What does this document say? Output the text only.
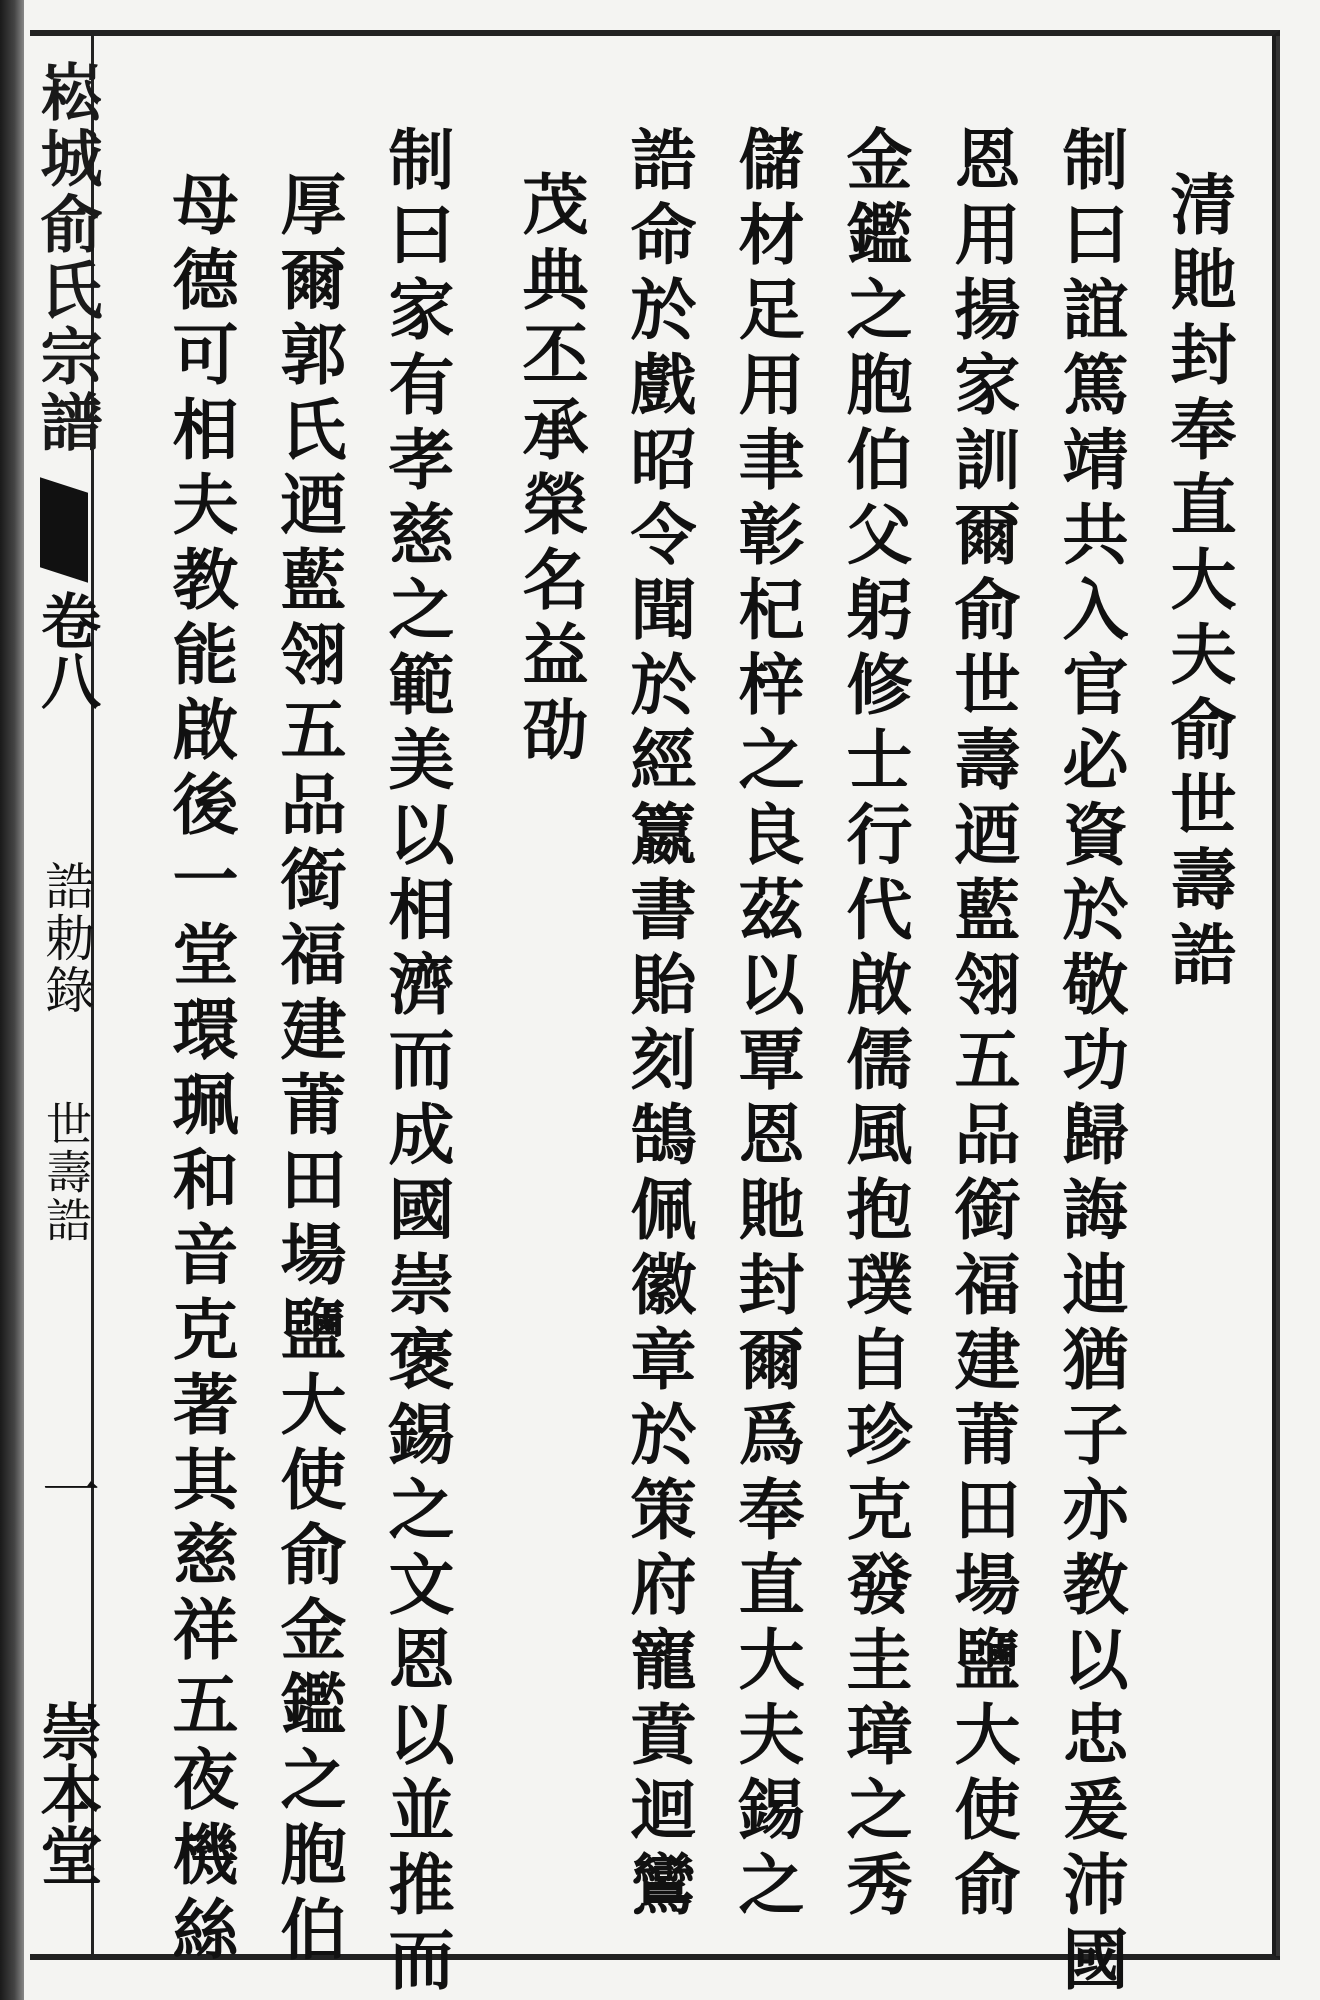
崧城俞氏宗譜
卷八
誥勅錄
世壽誥
一
崇本堂
清貤封奉直大夫俞世壽誥
制曰誼篤靖共入官必資於敬功歸誨迪猶子亦教以忠爰沛國
恩用揚家訓爾俞世壽迺藍翎五品銜福建莆田場鹽大使俞
金鑑之胞伯父躬修士行代啟儒風抱璞自珍克發圭璋之秀
儲材足用聿彰杞梓之良茲以覃恩貤封爾爲奉直大夫錫之
誥命於戲昭令聞於經籝書貽刻鵠佩徽章於策府寵賁迴鸞
茂典丕承榮名益劭
制曰家有孝慈之範美以相濟而成國崇褒錫之文恩以並推而
厚爾郭氏迺藍翎五品銜福建莆田場鹽大使俞金鑑之胞伯
母德可相夫教能啟後一堂環珮和音克著其慈祥五夜機絲
